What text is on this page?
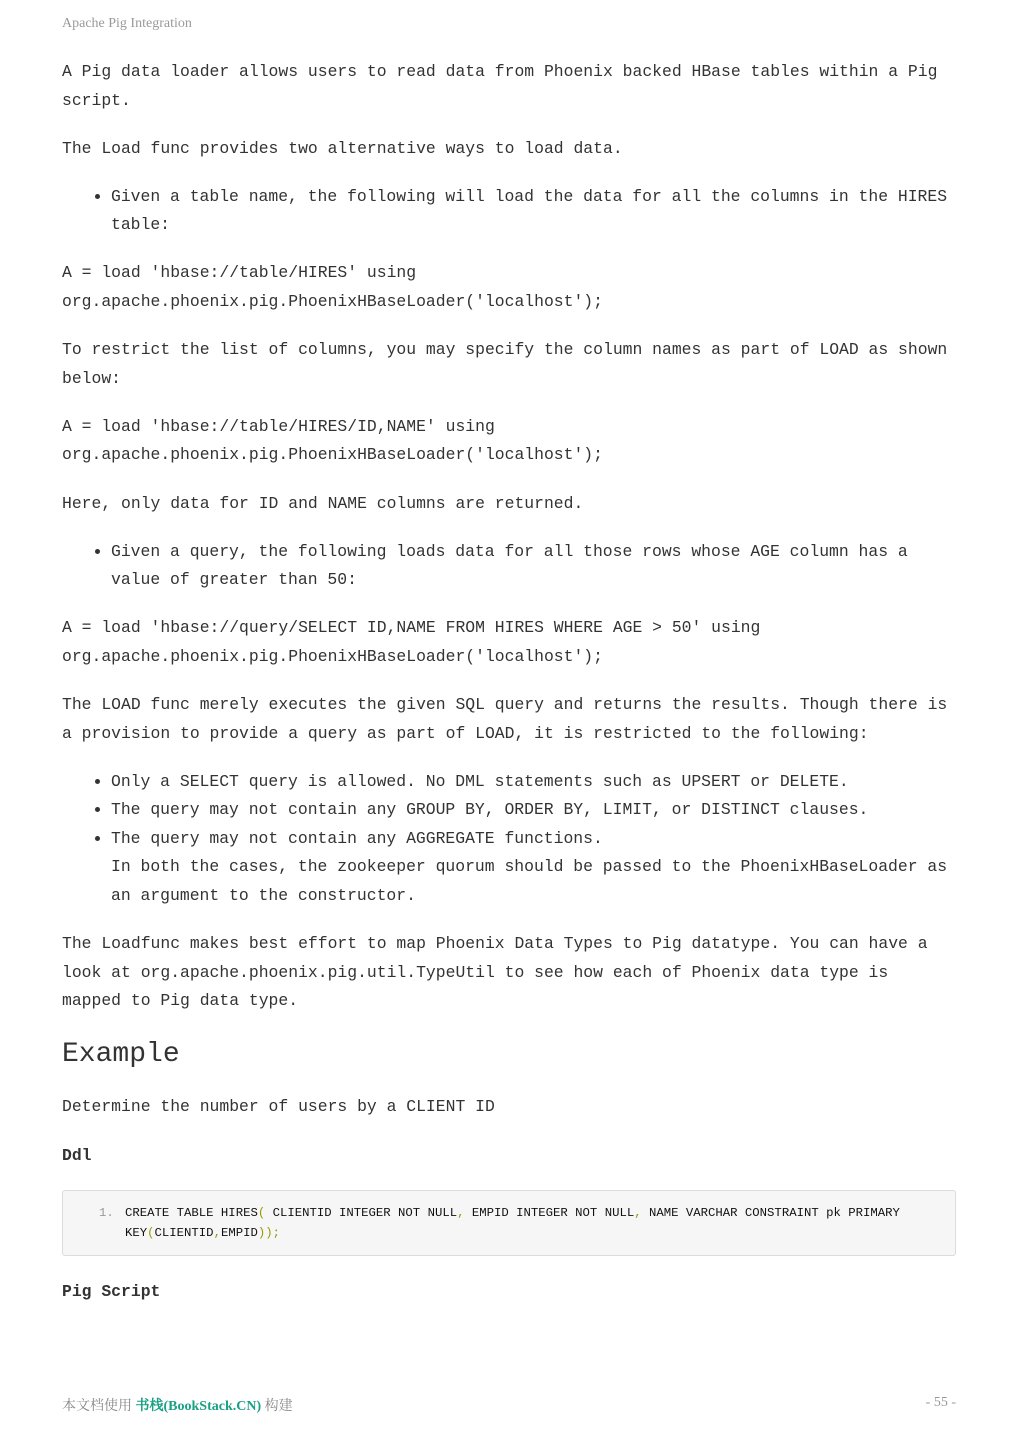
Apache Pig Integration

A Pig data loader allows users to read data from Phoenix backed HBase tables within a Pig script.

The Load func provides two alternative ways to load data.

• Given a table name, the following will load the data for all the columns in the HIRES table:

A = load 'hbase://table/HIRES' using
org.apache.phoenix.pig.PhoenixHBaseLoader('localhost');

To restrict the list of columns, you may specify the column names as part of LOAD as shown below:

A = load 'hbase://table/HIRES/ID,NAME' using
org.apache.phoenix.pig.PhoenixHBaseLoader('localhost');

Here, only data for ID and NAME columns are returned.

• Given a query, the following loads data for all those rows whose AGE column has a value of greater than 50:

A = load 'hbase://query/SELECT ID,NAME FROM HIRES WHERE AGE > 50' using
org.apache.phoenix.pig.PhoenixHBaseLoader('localhost');

The LOAD func merely executes the given SQL query and returns the results. Though there is a provision to provide a query as part of LOAD, it is restricted to the following:

• Only a SELECT query is allowed. No DML statements such as UPSERT or DELETE.
• The query may not contain any GROUP BY, ORDER BY, LIMIT, or DISTINCT clauses.
• The query may not contain any AGGREGATE functions.
In both the cases, the zookeeper quorum should be passed to the PhoenixHBaseLoader as an argument to the constructor.

The Loadfunc makes best effort to map Phoenix Data Types to Pig datatype. You can have a look at org.apache.phoenix.pig.util.TypeUtil to see how each of Phoenix data type is mapped to Pig data type.

Example

Determine the number of users by a CLIENT ID

Ddl

1. CREATE TABLE HIRES( CLIENTID INTEGER NOT NULL, EMPID INTEGER NOT NULL, NAME VARCHAR CONSTRAINT pk PRIMARY KEY(CLIENTID,EMPID));

Pig Script

本文档使用 书栈(BookStack.CN) 构建	- 55 -
